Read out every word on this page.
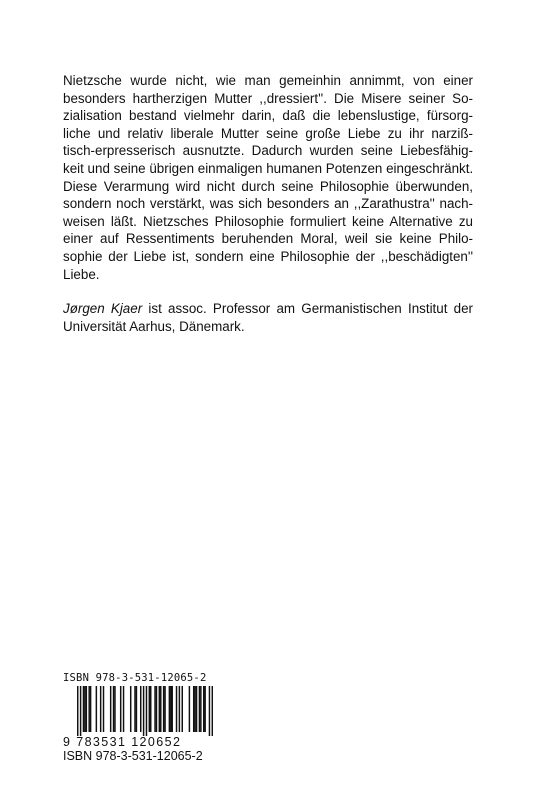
Nietzsche wurde nicht, wie man gemeinhin annimmt, von einer
besonders hartherzigen Mutter ,,dressiert''. Die Misere seiner So-
zialisation bestand vielmehr darin, daß die lebenslustige, fürsorg-
liche und relativ liberale Mutter seine große Liebe zu ihr narziß-
tisch-erpresserisch ausnutzte. Dadurch wurden seine Liebesfähig-
keit und seine übrigen einmaligen humanen Potenzen eingeschränkt.
Diese Verarmung wird nicht durch seine Philosophie überwunden,
sondern noch verstärkt, was sich besonders an ,,Zarathustra'' nach-
weisen läßt. Nietzsches Philosophie formuliert keine Alternative zu
einer auf Ressentiments beruhenden Moral, weil sie keine Philo-
sophie der Liebe ist, sondern eine Philosophie der ,,beschädigten''
Liebe.

Jørgen Kjaer ist assoc. Professor am Germanistischen Institut der
Universität Aarhus, Dänemark.

ISBN 978-3-531-12065-2
9 783531 120652
ISBN 978-3-531-12065-2
